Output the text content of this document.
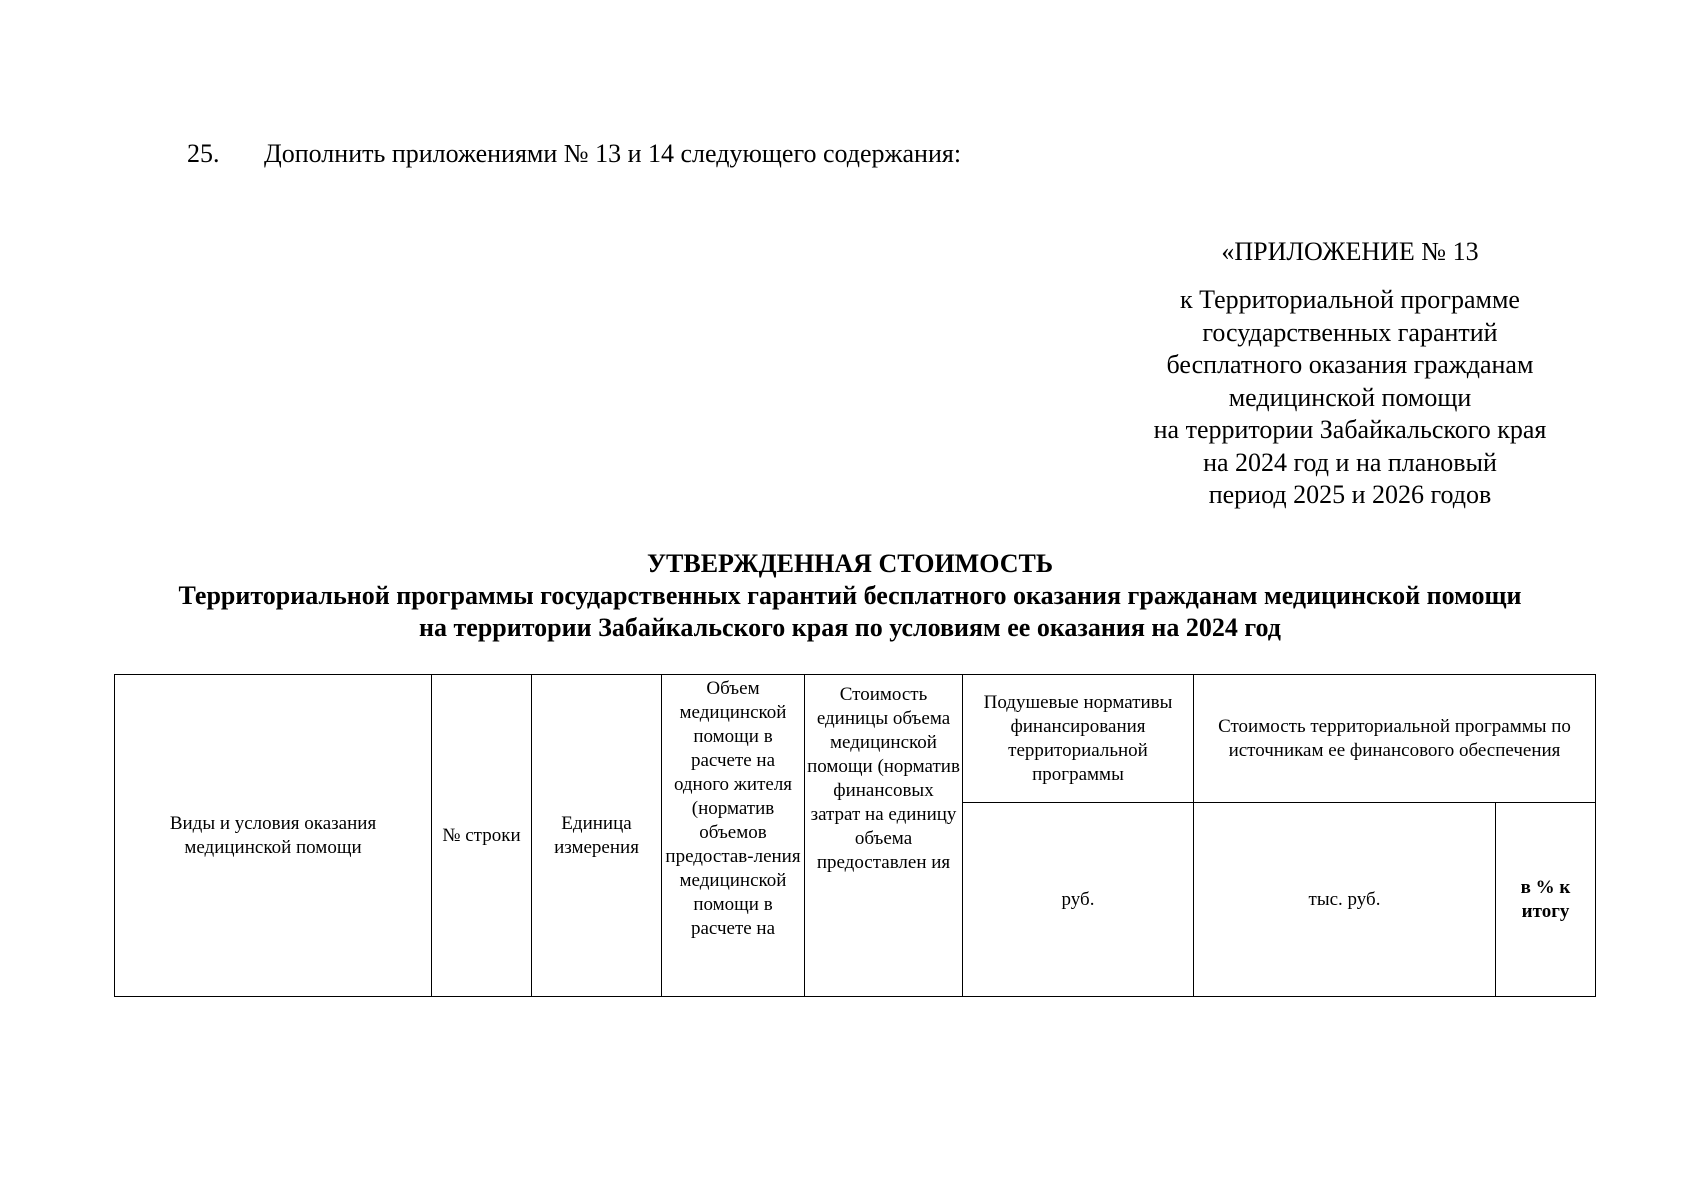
25. Дополнить приложениями № 13 и 14 следующего содержания:
«ПРИЛОЖЕНИЕ № 13
к Территориальной программе
государственных гарантий
бесплатного оказания гражданам
медицинской помощи
на территории Забайкальского края
на 2024 год и на плановый
период 2025 и 2026 годов
УТВЕРЖДЕННАЯ СТОИМОСТЬ
Территориальной программы государственных гарантий бесплатного оказания гражданам медицинской помощи
на территории Забайкальского края по условиям ее оказания на 2024 год
Виды и условия оказания медицинской помощи	№ строки	Единица измерения	Объем медицинской помощи в расчете на одного жителя (норматив объемов предостав-ления медицинской помощи в расчете на	Стоимость единицы объема медицинской помощи (норматив финансовых затрат на единицу объема предоставлен ия	Подушевые нормативы финансирования территориальной программы	Стоимость территориальной программы по источникам ее финансового обеспечения	
					руб.	тыс. руб.	в % к итогу
